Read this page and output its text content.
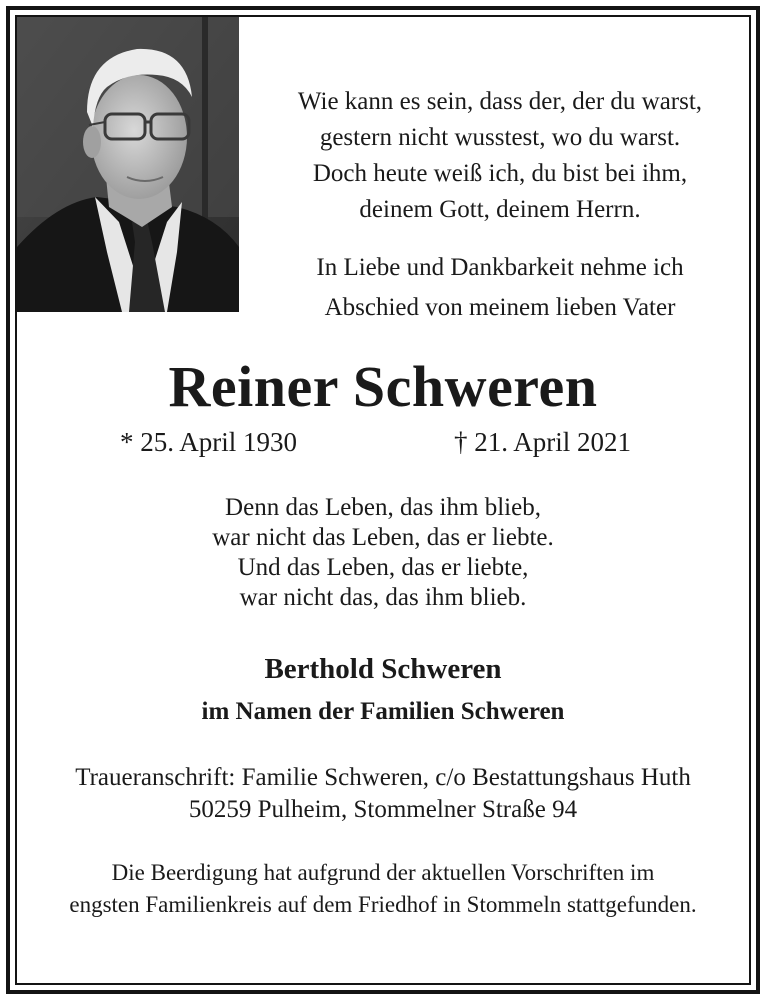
Wie kann es sein, dass der, der du warst,
gestern nicht wusstest, wo du warst.
Doch heute weiß ich, du bist bei ihm,
deinem Gott, deinem Herrn.
In Liebe und Dankbarkeit nehme ich
Abschied von meinem lieben Vater
Reiner Schweren
* 25. April 1930	† 21. April 2021
Denn das Leben, das ihm blieb,
war nicht das Leben, das er liebte.
Und das Leben, das er liebte,
war nicht das, das ihm blieb.
Berthold Schweren
im Namen der Familien Schweren
Traueranschrift: Familie Schweren, c/o Bestattungshaus Huth
50259 Pulheim, Stommelner Straße 94
Die Beerdigung hat aufgrund der aktuellen Vorschriften im
engsten Familienkreis auf dem Friedhof in Stommeln stattgefunden.
